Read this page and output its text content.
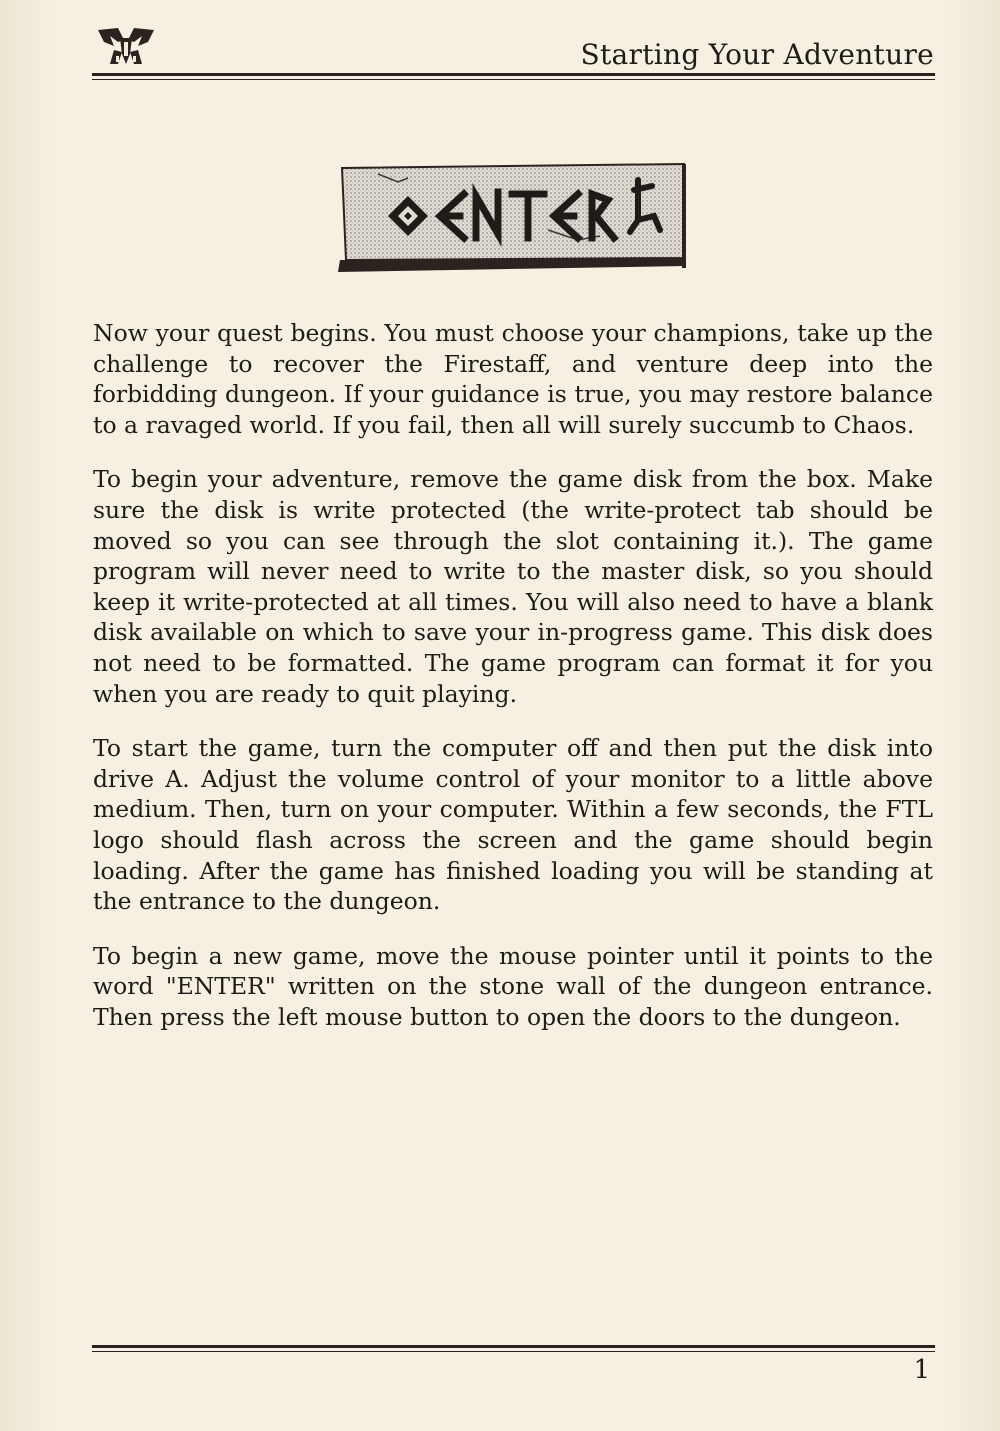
Starting Your Adventure

Now your quest begins. You must choose your champions, take up the challenge to recover the Firestaff, and venture deep into the forbidding dungeon. If your guidance is true, you may restore balance to a ravaged world. If you fail, then all will surely succumb to Chaos.

To begin your adventure, remove the game disk from the box. Make sure the disk is write protected (the write-protect tab should be moved so you can see through the slot containing it.). The game program will never need to write to the master disk, so you should keep it write-protected at all times. You will also need to have a blank disk available on which to save your in-progress game. This disk does not need to be formatted. The game program can format it for you when you are ready to quit playing.

To start the game, turn the computer off and then put the disk into drive A. Adjust the volume control of your monitor to a little above medium. Then, turn on your computer. Within a few seconds, the FTL logo should flash across the screen and the game should begin loading. After the game has finished loading you will be standing at the entrance to the dungeon.

To begin a new game, move the mouse pointer until it points to the word "ENTER" written on the stone wall of the dungeon entrance. Then press the left mouse button to open the doors to the dungeon.

1
